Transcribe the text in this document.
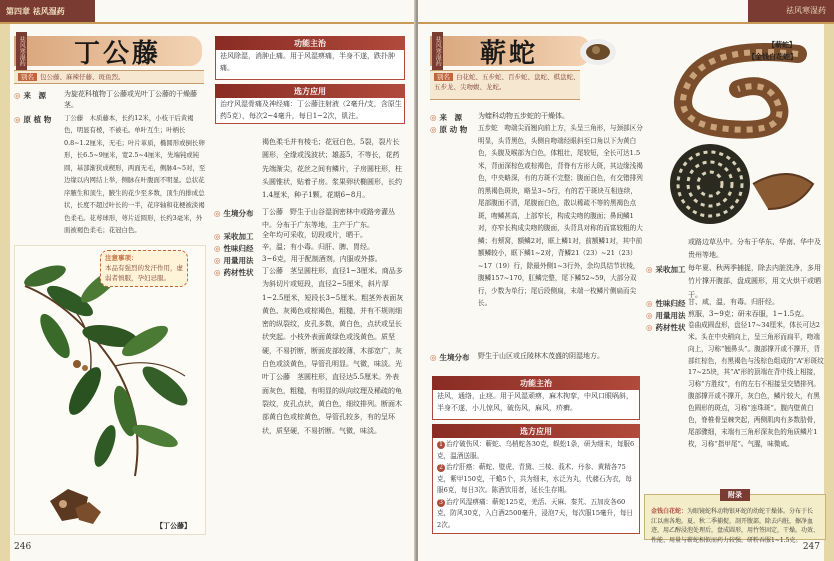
第四章 祛风湿药
祛风寒湿药 丁公藤
别名 包公藤、麻辣仔藤、斑鱼烈。
◎ 来　源	为旋花科植物丁公藤或光叶丁公藤的干燥藤茎。
◎ 原 植 物 丁公藤　木质藤本，长约12米，小枝干后黄褐色，明显有棱，不被毛。单叶互生；叶柄长0.8~1.2厘米，无毛；叶片革质，椭圆形或倒长卵形，长6.5~9厘米，宽2.5~4厘米，先端钝或钝圆，基部渐狭成楔形，两面无毛，侧脉4~5对，至边缘以内网结上举，侧脉在叶腹面不明显。总状花序腋生和顶生，腋生的花少至多数，顶生的排成总状，长度不超过叶长的一半，花序轴和花梗被淡褐色柔毛。花萼球形，萼片近圆形，长约3毫米，外面被褐色柔毛；花冠白色。
注意事项：
本品有强烈的发汗作用，虚弱者慎服，孕妇忌服。
【丁公藤】
246
功能主治
祛风除湿，消肿止痛。用于风湿痹痛，半身不遂，跌扑肿痛。
选方应用
治疗风湿骨痛及神经痛：丁公藤注射液（2毫升/支，含原生药5克），每次2~4毫升，每日1~2次，肌注。
褐色柔毛并有棱毛；花冠白色，5裂，裂片长圆形，全缘或浅波状；雄蕊5，不等长，花药先端渐尖，花丝之间有鳞片，子房圆柱形，柱头圆锥状，贴着子房。浆果卵状椭圆形，长约1.4厘米，种子1颗。花期6~8月。
◎ 生境分布 丁公藤　野生于山谷湿润密林中或路旁灌丛中。分布于广东等地，主产于广东。
◎ 采收加工 全年均可采收，切段或片，晒干。
◎ 性味归经 辛，温；有小毒。归肝、脾、胃经。
◎ 用量用法 3~6克，用于配制酒剂，内服或外搽。
◎ 药材性状 丁公藤　茎呈圆柱形，直径1~3厘米。商品多为斜切片或短段，直径2~5厘米，斜片厚1~2.5厘米，短段长3~5厘米。粗茎外表面灰黄色、灰褐色或棕褐色，粗糙，并有不规则细密的纵裂纹，皮孔多数，黄白色，点状或呈长状突起。小枝外表面黄绿色或浅黄色。质坚硬，不易折断，断面皮部较薄，木部宽广，灰白色或淡黄色，导管孔明显。气微，味淡。光叶丁公藤　茎圆柱形，直径达5.5厘米。外表面灰色，粗糙，有明显的纵向纹理及稀疏的龟裂纹，皮孔点状，黄白色，细纹排列。断面木部黄白色或棕黄色，导管孔较多，有的呈环状，质坚硬，不易折断。气微，味淡。
祛风寒湿药
祛风寒湿药 蕲蛇
别名 白花蛇、五步蛇、百步蛇、盘蛇、棋盘蛇、五步龙、尖吻蝮、龙蛇。
◎ 来　源 为蝰科动物五步蛇的干燥体。
◎ 原 动 物 五步蛇　吻端尖而翘向前上方，头呈三角形，与颈部区分明显，头背黑色，头侧自吻端经眼斜至口角以下为黄白色，头腹及喉部为白色，体粗壮，尾较短，全长可达1.5米，背面深棕色或棕褐色，背脊有方形大斑，其边缘浅褐色，中央略深，有的方斑不完整；腹面白色，有交错排列的黑褐色斑块，略呈3~5行，有的若干斑块互相连续，尾部腹面不清，尾腹面白色，散以稀疏不等的黑褐色点斑，吻鳞甚高，上部窄长，构成尖吻的腹面；鼻间鳞1对，亦窄长构成尖吻的腹面，头背具对称的而富较粗的大鳞；有颊窝，额鳞2对，眶上鳞1对，前额鳞1对，其中前额鳞较小，眶下鳞1~2对，背鳞21（23）~21（23）~17（19）行，除最外侧1~3行外，余均具结节状棱，腹鳞157~170，肛鳞完整，尾下鳞52~59，大部分双行，少数为单行；尾后段侧扁，末端一枚鳞片侧扁而尖长。
◎ 生境分布 野生于山区或丘陵林木茂盛的阴湿地方。
功能主治
祛风，通络，止痉。用于风湿顽痹，麻木拘挛，中风口眼㖞斜，半身不遂，小儿惊风，破伤风，麻风，疥癣。
选方应用
1 治疗破伤风：蕲蛇、乌梢蛇各30克，蜈蚣1条，研为细末，每服6克，温酒送服。
2 治疗肝癌：蕲蛇、壁虎、青黛、三棱、莪术、丹参、黄精各75克，紫甲150克，干蟾5个，共为细末，水泛为丸，代赭石为衣，每服6克，每日3次。陈酒饮用者，延长生存期。
3 治疗风湿痹痛：蕲蛇125克，羌活、天麻、秦艽、五加皮各60克，防风30克，入白酒2500毫升，浸泡7天，每次服15毫升，每日2次。
【蕲蛇】
【金钱白花蛇】
或路边草丛中。分布于华东、华南、华中及贵州等地。
◎ 采收加工 每年夏、秋两季捕捉，除去内脏洗净，多用竹片撑开腹部，盘成圆形，用文火烘干或晒干。
◎ 性味归经 甘、咸，温，有毒。归肝经。
◎ 用量用法 煎服，3~9克；研末吞服，1~1.5克。
◎ 药材性状 卷曲成圆盘形，盘径17~34厘米，体长可达2米。头在中央稍向上，呈三角形而扁平，吻端向上，习称“翘鼻头”。腹部撑开或不撑开，背部红棕色，有黑褐色与浅棕色组成的“A”形斑纹17~25块，其“A”形的顶端在背中线上相接，习称“方胜纹”，有的左右不相接呈交错排列。腹部撑开或不撑开，灰白色，鳞片较大，有黑色圆形的斑点，习称“连珠斑”。腹内壁黄白色，脊椎骨呈棘突起，两侧肌肉有多数肋骨，尾部骤细，末端有三角形深灰色的角质鳞片1枚，习称“指甲尾”。气腥，味微咸。
附录
金钱白花蛇：为眼镜蛇科动物银环蛇的幼蛇干燥体。分布于长江以南各地。夏、秋二季捕捉，剖开腹部，除去内脏，擦净血迹，用乙醇浸泡处理后，盘成圆形，用竹签固定，干燥。功效、性能、用量与蕲蛇相似而药力较强。研粉吞服1~1.5克。
247
